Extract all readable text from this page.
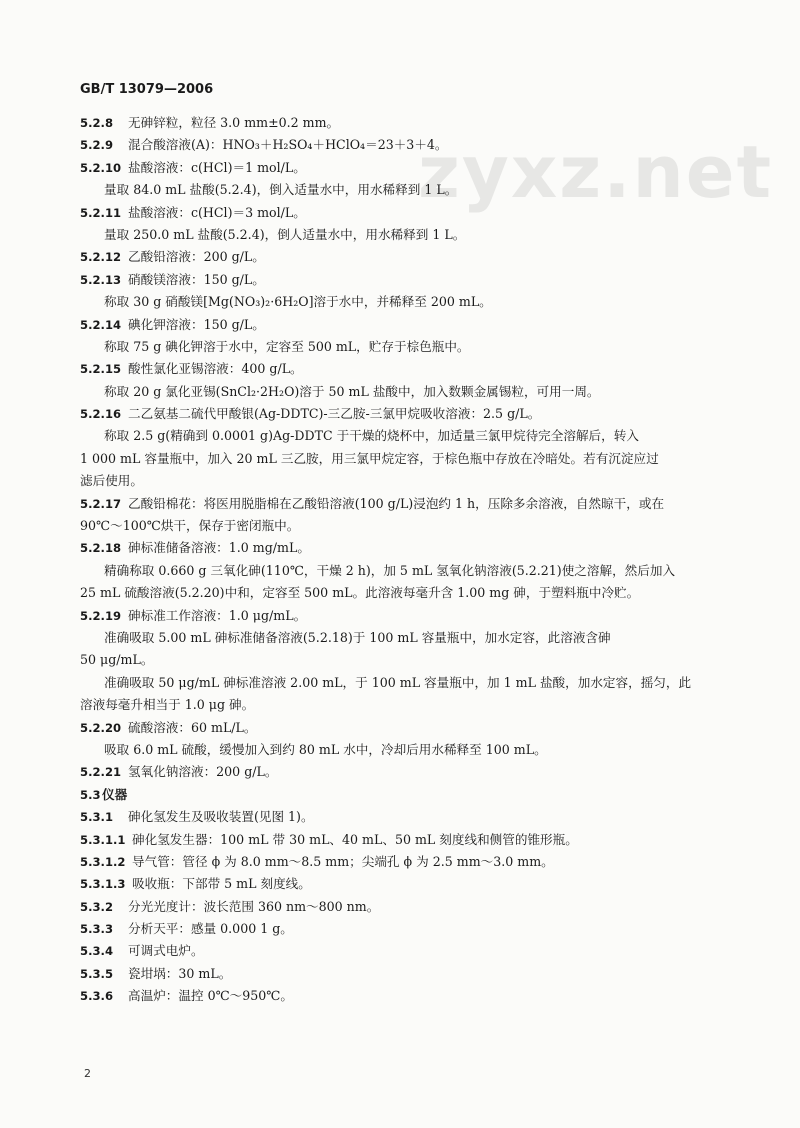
GB/T 13079—2006
zyxz.net
5.2.8 无砷锌粒，粒径 3.0 mm±0.2 mm。
5.2.9 混合酸溶液(A)：HNO₃＋H₂SO₄＋HClO₄＝23＋3＋4。
5.2.10 盐酸溶液：c(HCl)＝1 mol/L。
量取 84.0 mL 盐酸(5.2.4)，倒入适量水中，用水稀释到 1 L。
5.2.11 盐酸溶液：c(HCl)＝3 mol/L。
量取 250.0 mL 盐酸(5.2.4)，倒人适量水中，用水稀释到 1 L。
5.2.12 乙酸铅溶液：200 g/L。
5.2.13 硝酸镁溶液：150 g/L。
称取 30 g 硝酸镁[Mg(NO₃)₂·6H₂O]溶于水中，并稀释至 200 mL。
5.2.14 碘化钾溶液：150 g/L。
称取 75 g 碘化钾溶于水中，定容至 500 mL，贮存于棕色瓶中。
5.2.15 酸性氯化亚锡溶液：400 g/L。
称取 20 g 氯化亚锡(SnCl₂·2H₂O)溶于 50 mL 盐酸中，加入数颗金属锡粒，可用一周。
5.2.16 二乙氨基二硫代甲酸银(Ag-DDTC)-三乙胺-三氯甲烷吸收溶液：2.5 g/L。
称取 2.5 g(精确到 0.0001 g)Ag-DDTC 于干燥的烧杯中，加适量三氯甲烷待完全溶解后，转入
1 000 mL 容量瓶中，加入 20 mL 三乙胺，用三氯甲烷定容，于棕色瓶中存放在冷暗处。若有沉淀应过
滤后使用。
5.2.17 乙酸铅棉花：将医用脱脂棉在乙酸铅溶液(100 g/L)浸泡约 1 h，压除多余溶液，自然晾干，或在
90℃～100℃烘干，保存于密闭瓶中。
5.2.18 砷标准储备溶液：1.0 mg/mL。
精确称取 0.660 g 三氧化砷(110℃，干燥 2 h)，加 5 mL 氢氧化钠溶液(5.2.21)使之溶解，然后加入
25 mL 硫酸溶液(5.2.20)中和，定容至 500 mL。此溶液每毫升含 1.00 mg 砷，于塑料瓶中冷贮。
5.2.19 砷标准工作溶液：1.0 μg/mL。
准确吸取 5.00 mL 砷标准储备溶液(5.2.18)于 100 mL 容量瓶中，加水定容，此溶液含砷
50 μg/mL。
准确吸取 50 μg/mL 砷标准溶液 2.00 mL，于 100 mL 容量瓶中，加 1 mL 盐酸，加水定容，摇匀，此
溶液每毫升相当于 1.0 μg 砷。
5.2.20 硫酸溶液：60 mL/L。
吸取 6.0 mL 硫酸，缓慢加入到约 80 mL 水中，冷却后用水稀释至 100 mL。
5.2.21 氢氧化钠溶液：200 g/L。
5.3仪器
5.3.1 砷化氢发生及吸收装置(见图 1)。
5.3.1.1 砷化氢发生器：100 mL 带 30 mL、40 mL、50 mL 刻度线和侧管的锥形瓶。
5.3.1.2 导气管：管径 ϕ 为 8.0 mm～8.5 mm；尖端孔 ϕ 为 2.5 mm～3.0 mm。
5.3.1.3 吸收瓶：下部带 5 mL 刻度线。
5.3.2 分光光度计：波长范围 360 nm～800 nm。
5.3.3 分析天平：感量 0.000 1 g。
5.3.4 可调式电炉。
5.3.5 瓷坩埚：30 mL。
5.3.6 高温炉：温控 0℃～950℃。
2
